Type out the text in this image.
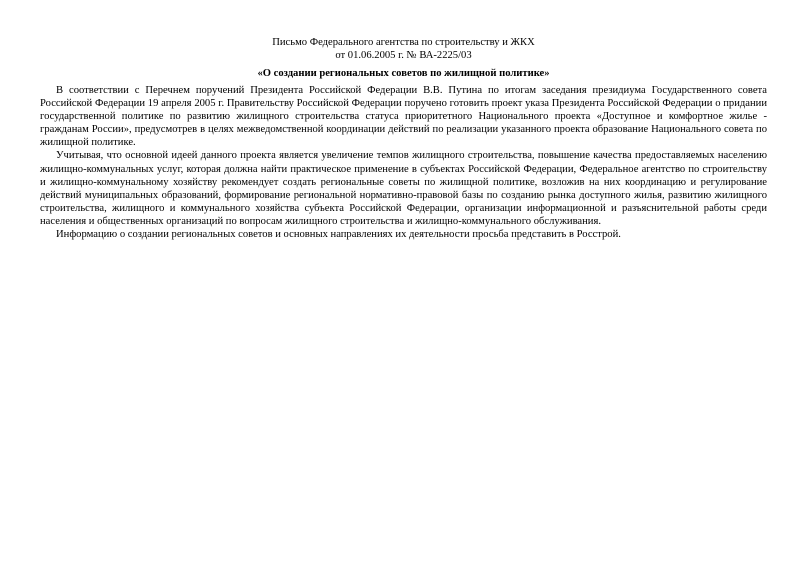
Письмо Федерального агентства по строительству и ЖКХ

от 01.06.2005 г. № ВА-2225/03

«О создании региональных советов по жилищной политике»

В соответствии с Перечнем поручений Президента Российской Федерации В.В. Путина по итогам заседания президиума Государственного совета Российской Федерации 19 апреля 2005 г. Правительству Российской Федерации поручено готовить проект указа Президента Российской Федерации о придании государственной политике по развитию жилищного строительства статуса приоритетного Национального проекта «Доступное и комфортное жилье - гражданам России», предусмотрев в целях межведомственной координации действий по реализации указанного проекта образование Национального совета по жилищной политике.

Учитывая, что основной идеей данного проекта является увеличение темпов жилищного строительства, повышение качества предоставляемых населению жилищно-коммунальных услуг, которая должна найти практическое применение в субъектах Российской Федерации, Федеральное агентство по строительству и жилищно-коммунальному хозяйству рекомендует создать региональные советы по жилищной политике, возложив на них координацию и регулирование действий муниципальных образований, формирование региональной нормативно-правовой базы по созданию рынка доступного жилья, развитию жилищного строительства, жилищного и коммунального хозяйства субъекта Российской Федерации, организации информационной и разъяснительной работы среди населения и общественных организаций по вопросам жилищного строительства и жилищно-коммунального обслуживания.

Информацию о создании региональных советов и основных направлениях их деятельности просьба представить в Росстрой.
